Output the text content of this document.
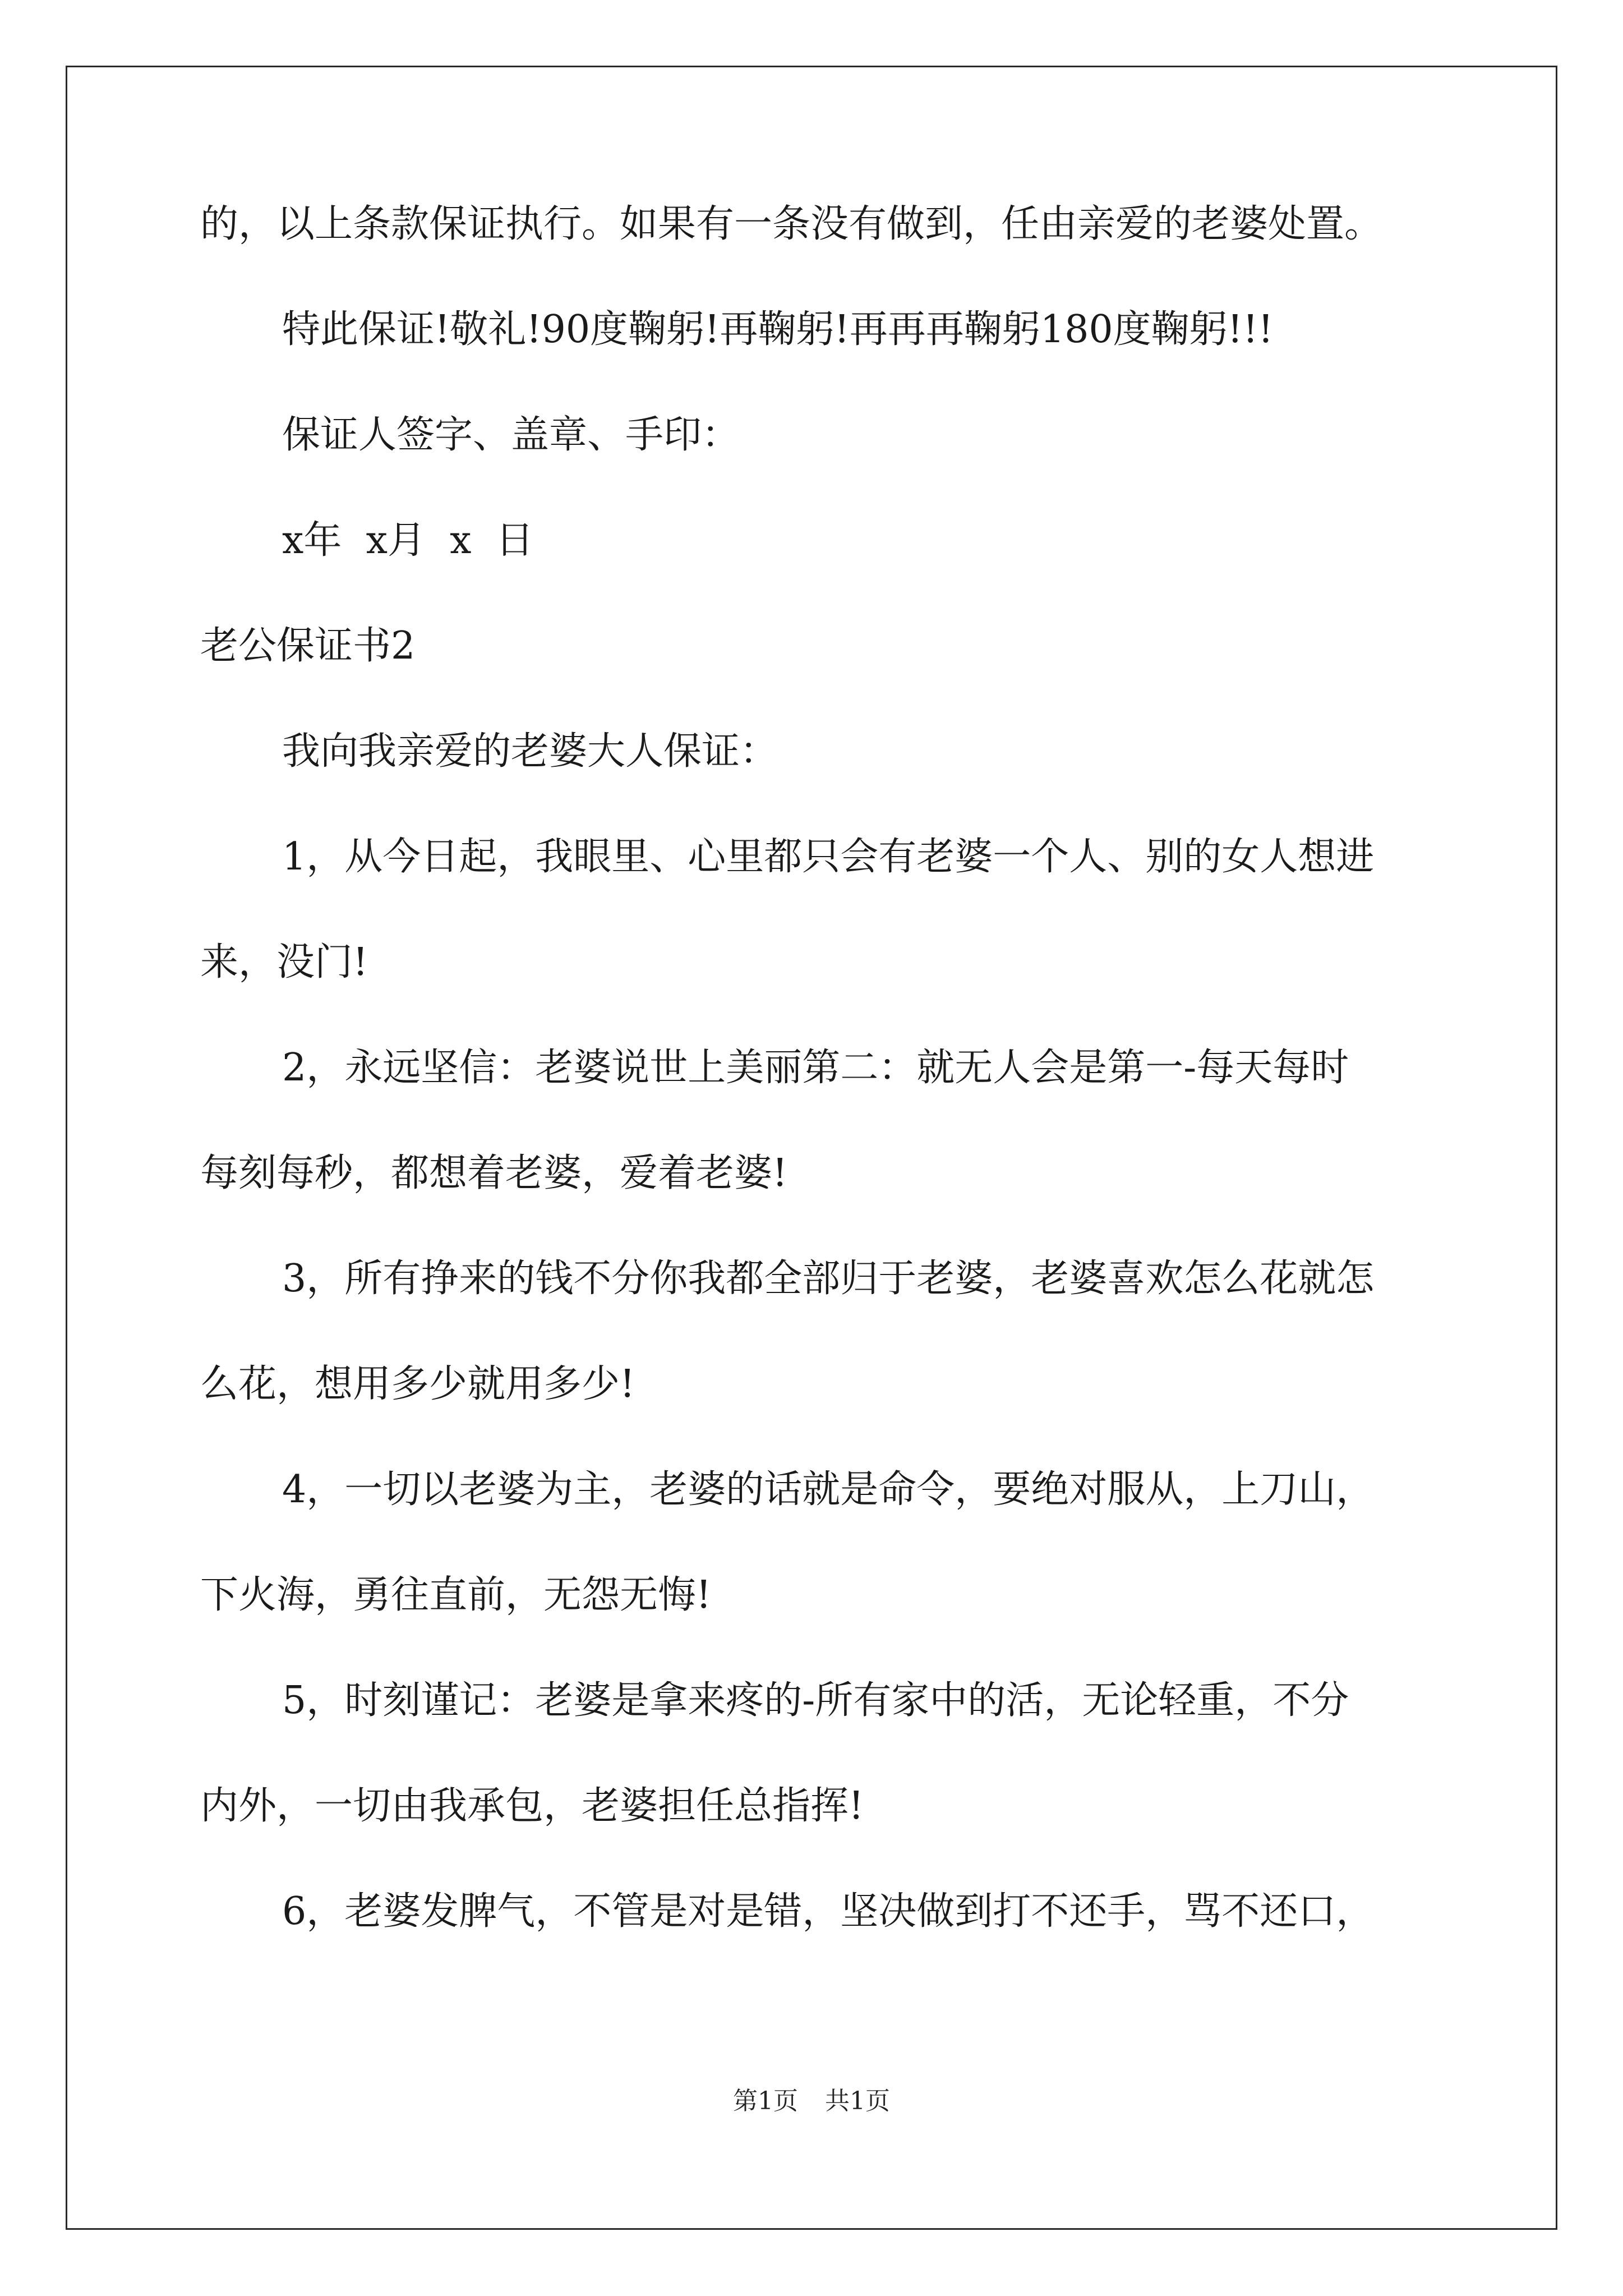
的，以上条款保证执行。如果有一条没有做到，任由亲爱的老婆处置。
特此保证!敬礼!90度鞠躬!再鞠躬!再再再鞠躬180度鞠躬!!!
保证人签字、盖章、手印：
x年  x月  x  日
老公保证书2
我向我亲爱的老婆大人保证：
1，从今日起，我眼里、心里都只会有老婆一个人、别的女人想进
来，没门!
2，永远坚信：老婆说世上美丽第二：就无人会是第一-每天每时
每刻每秒，都想着老婆，爱着老婆!
3，所有挣来的钱不分你我都全部归于老婆，老婆喜欢怎么花就怎
么花，想用多少就用多少!
4，一切以老婆为主，老婆的话就是命令，要绝对服从，上刀山，
下火海，勇往直前，无怨无悔!
5，时刻谨记：老婆是拿来疼的-所有家中的活，无论轻重，不分
内外，一切由我承包，老婆担任总指挥!
6，老婆发脾气，不管是对是错，坚决做到打不还手，骂不还口，
第1页 共1页
